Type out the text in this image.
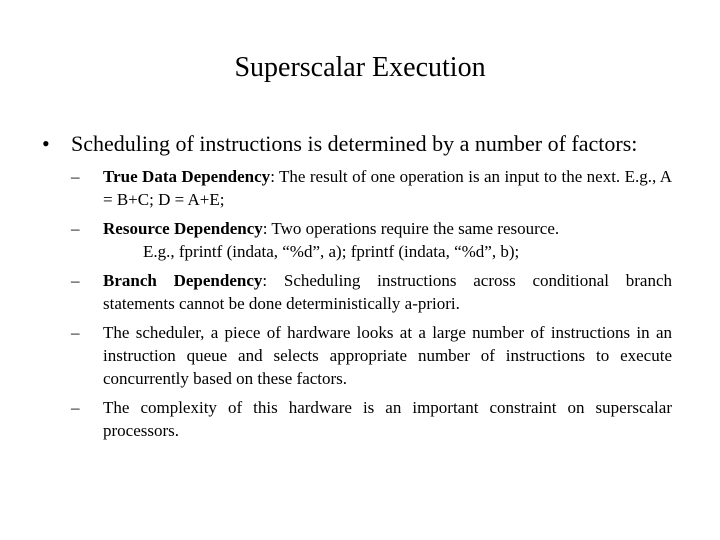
Superscalar Execution
• Scheduling of instructions is determined by a number of factors:
– True Data Dependency: The result of one operation is an input to the next. E.g., A = B+C; D = A+E;
– Resource Dependency: Two operations require the same resource.
E.g., fprintf (indata, “%d”, a); fprintf (indata, “%d”, b);
– Branch Dependency: Scheduling instructions across conditional branch statements cannot be done deterministically a-priori.
– The scheduler, a piece of hardware looks at a large number of instructions in an instruction queue and selects appropriate number of instructions to execute concurrently based on these factors.
– The complexity of this hardware is an important constraint on superscalar processors.
